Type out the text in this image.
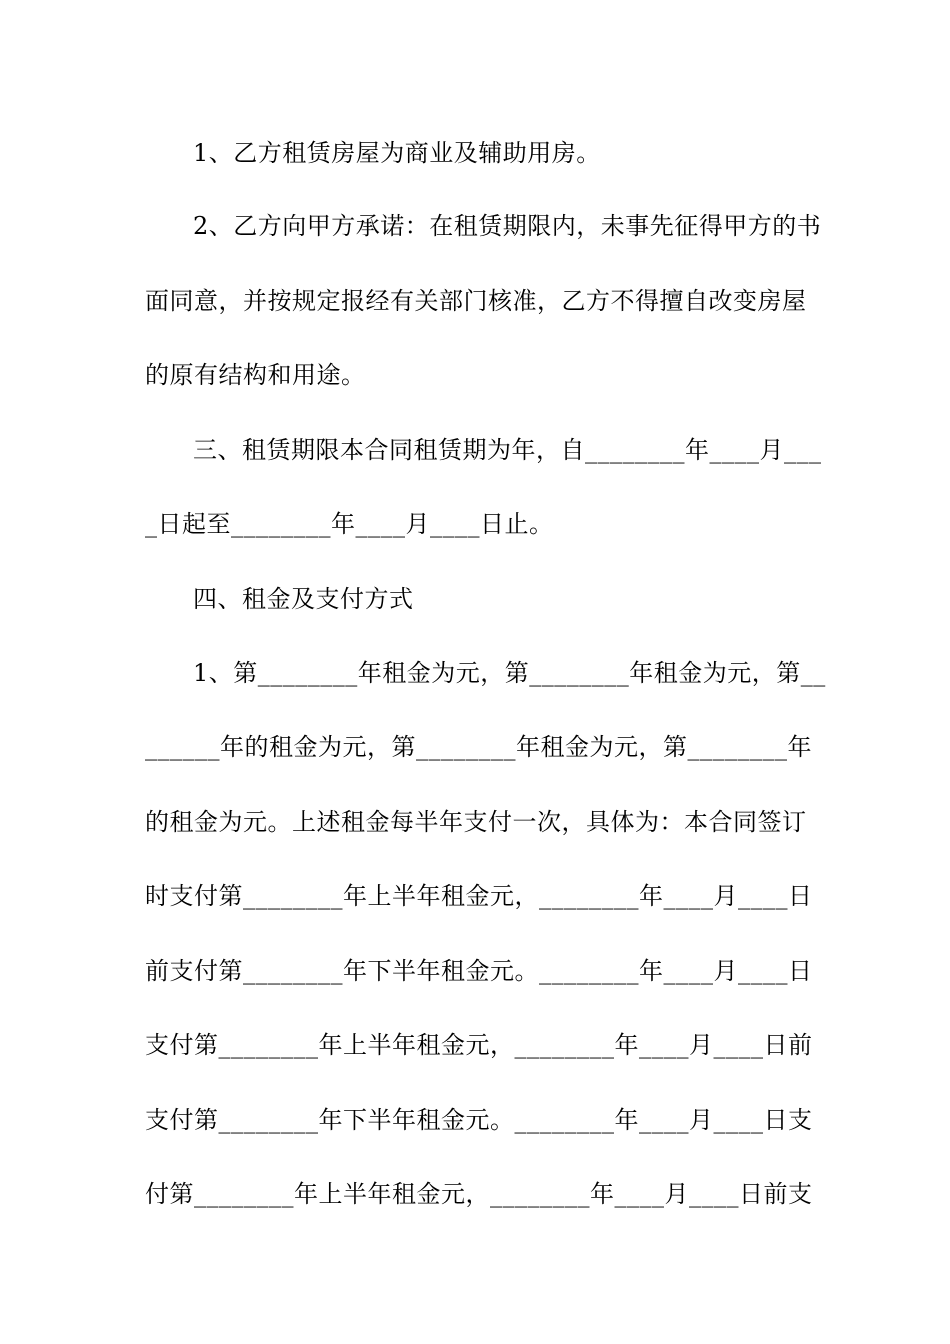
1、乙方租赁房屋为商业及辅助用房。
2、乙方向甲方承诺：在租赁期限内，未事先征得甲方的书
面同意，并按规定报经有关部门核准，乙方不得擅自改变房屋
的原有结构和用途。
三、租赁期限本合同租赁期为年，自________年____月___
_日起至________年____月____日止。
四、租金及支付方式
1、第________年租金为元，第________年租金为元，第__
______年的租金为元，第________年租金为元，第________年
的租金为元。上述租金每半年支付一次，具体为：本合同签订
时支付第________年上半年租金元，________年____月____日
前支付第________年下半年租金元。________年____月____日
支付第________年上半年租金元，________年____月____日前
支付第________年下半年租金元。________年____月____日支
付第________年上半年租金元，________年____月____日前支
